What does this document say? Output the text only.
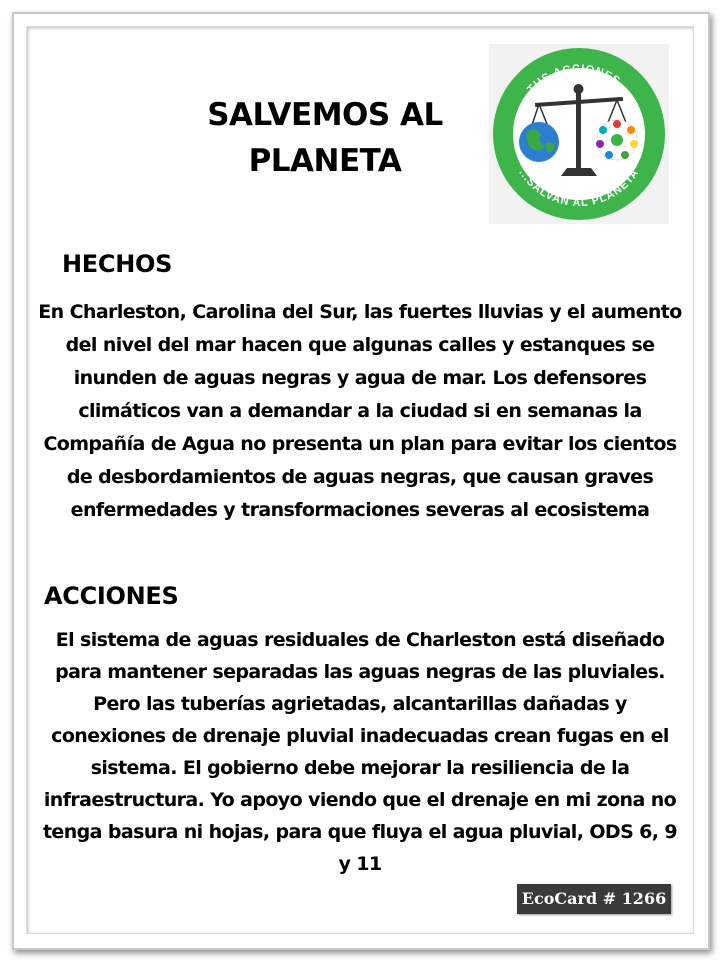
SALVEMOS AL PLANETA
TUS ACCIONES...
...SALVAN AL PLANETA
HECHOS
En Charleston, Carolina del Sur, las fuertes lluvias y el aumento del nivel del mar hacen que algunas calles y estanques se inunden de aguas negras y agua de mar. Los defensores climáticos van a demandar a la ciudad si en semanas la Compañía de Agua no presenta un plan para evitar los cientos de desbordamientos de aguas negras, que causan graves enfermedades y transformaciones severas al ecosistema
ACCIONES
El sistema de aguas residuales de Charleston está diseñado para mantener separadas las aguas negras de las pluviales. Pero las tuberías agrietadas, alcantarillas dañadas y conexiones de drenaje pluvial inadecuadas crean fugas en el sistema. El gobierno debe mejorar la resiliencia de la infraestructura. Yo apoyo viendo que el drenaje en mi zona no tenga basura ni hojas, para que fluya el agua pluvial, ODS 6, 9 y 11
EcoCard # 1266
